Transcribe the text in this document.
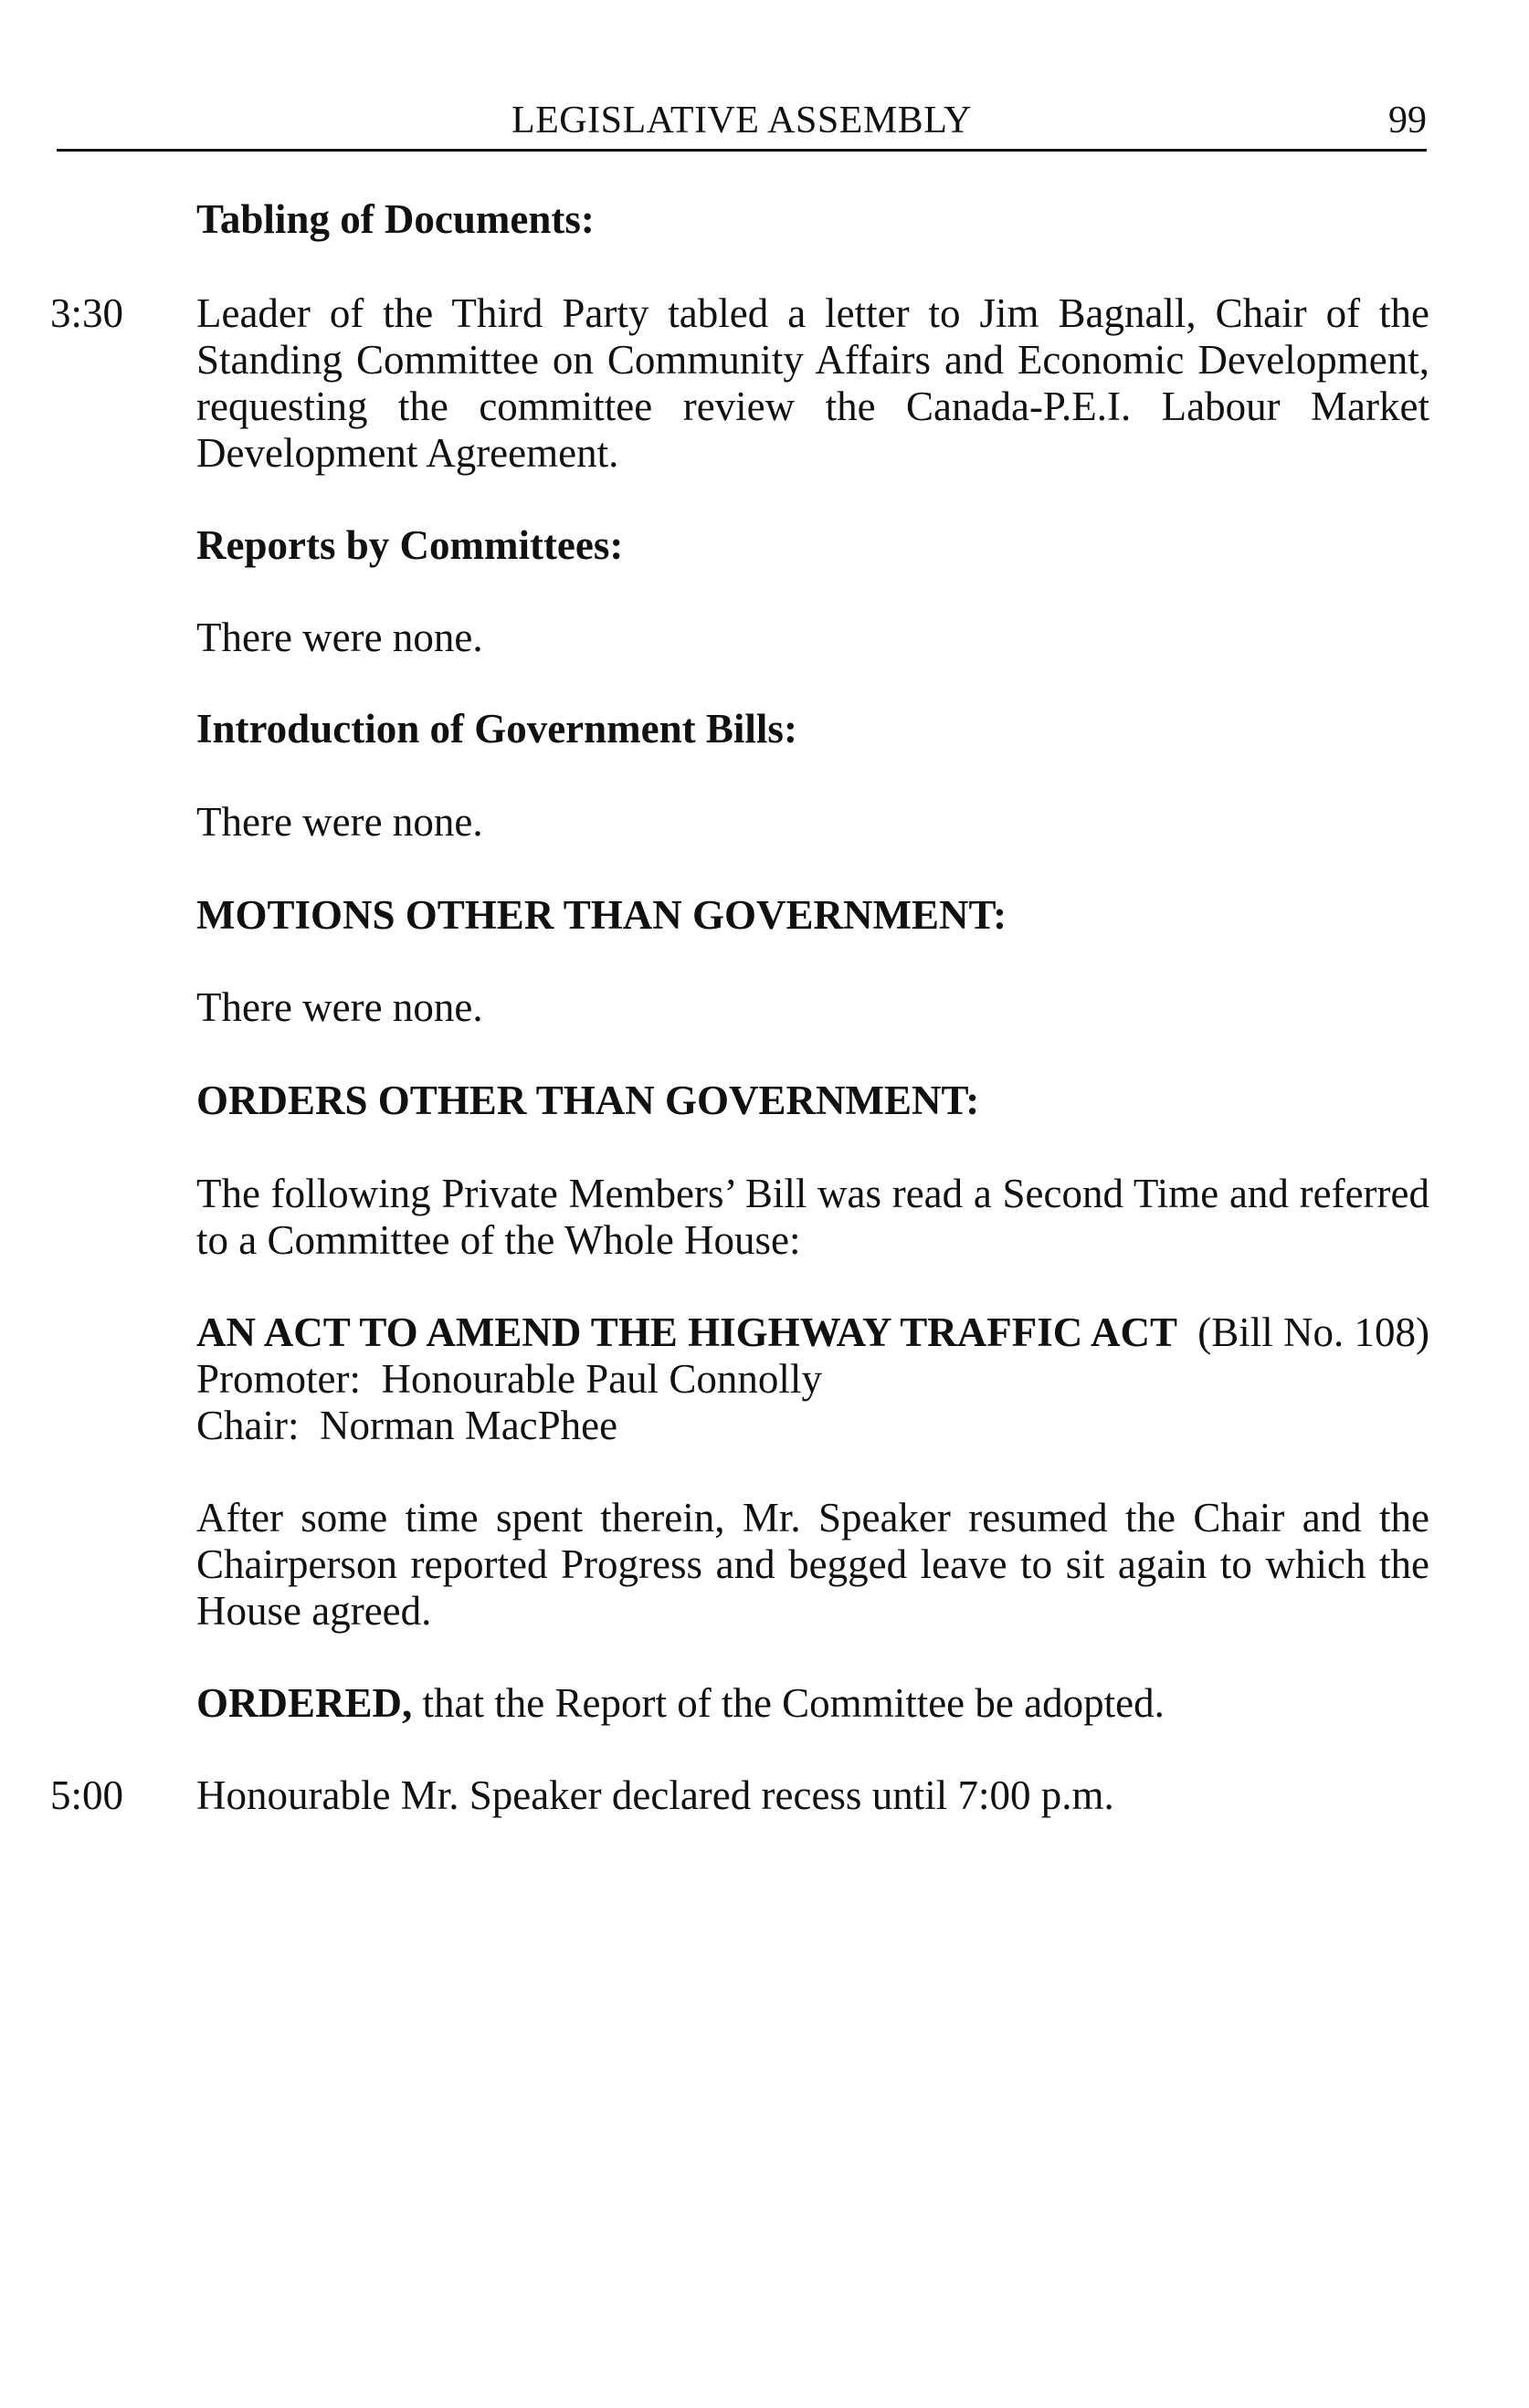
LEGISLATIVE ASSEMBLY	99
Tabling of Documents:
3:30	Leader of the Third Party tabled a letter to Jim Bagnall, Chair of the Standing Committee on Community Affairs and Economic Development, requesting the committee review the Canada-P.E.I. Labour Market Development Agreement.
Reports by Committees:
There were none.
Introduction of Government Bills:
There were none.
MOTIONS OTHER THAN GOVERNMENT:
There were none.
ORDERS OTHER THAN GOVERNMENT:
The following Private Members’ Bill was read a Second Time and referred to a Committee of the Whole House:
AN ACT TO AMEND THE HIGHWAY TRAFFIC ACT (Bill No. 108)
Promoter: Honourable Paul Connolly
Chair: Norman MacPhee
After some time spent therein, Mr. Speaker resumed the Chair and the Chairperson reported Progress and begged leave to sit again to which the House agreed.
ORDERED, that the Report of the Committee be adopted.
5:00	Honourable Mr. Speaker declared recess until 7:00 p.m.
